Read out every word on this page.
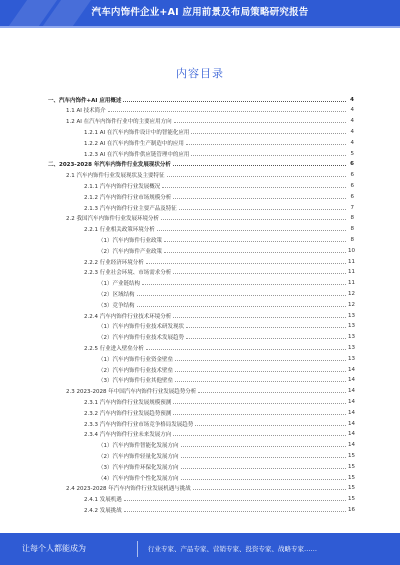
汽车内饰件企业+AI 应用前景及布局策略研究报告
内容目录
一、汽车内饰件+AI 应用概述	4
1.1 AI 技术简介	4
1.2 AI 在汽车内饰件行业中的主要应用方向	4
1.2.1 AI 在汽车内饰件设计中的智能化应用	4
1.2.2 AI 在汽车内饰件生产制造中的应用	4
1.2.3 AI 在汽车内饰件供应链管理中的应用	5
二、2023-2028 年汽车内饰件行业发展现状分析	6
2.1 汽车内饰件行业发展现状及主要特征	6
2.1.1 汽车内饰件行业发展概况	6
2.1.2 汽车内饰件行业市场规模分析	6
2.1.3 汽车内饰件行业主要产品及特征	7
2.2 我国汽车内饰件行业发展环境分析	8
2.2.1 行业相关政策环境分析	8
（1）汽车内饰件行业政策	8
（2）汽车内饰件产业政策	10
2.2.2 行业经济环境分析	11
2.2.3 行业社会环境、市场需求分析	11
（1）产业链结构	11
（2）区域结构	12
（3）竞争结构	12
2.2.4 汽车内饰件行业技术环境分析	13
（1）汽车内饰件行业技术研发现状	13
（2）汽车内饰件行业技术发展趋势	13
2.2.5 行业进入壁垒分析	13
（1）汽车内饰件行业资金壁垒	13
（2）汽车内饰件行业技术壁垒	14
（3）汽车内饰件行业其他壁垒	14
2.3 2023-2028 年中国汽车内饰件行业发展趋势分析	14
2.3.1 汽车内饰件行业发展规模预测	14
2.3.2 汽车内饰件行业发展趋势预测	14
2.3.3 汽车内饰件行业市场竞争格局发展趋势	14
2.3.4 汽车内饰件行业未来发展方向	14
（1）汽车内饰件智能化发展方向	14
（2）汽车内饰件轻量化发展方向	15
（3）汽车内饰件环保化发展方向	15
（4）汽车内饰件个性化发展方向	15
2.4 2023-2028 年汽车内饰件行业发展机遇与挑战	15
2.4.1 发展机遇	15
2.4.2 发展挑战	16
让每个人都能成为	行业专家、产品专家、营销专家、投资专家、战略专家……
